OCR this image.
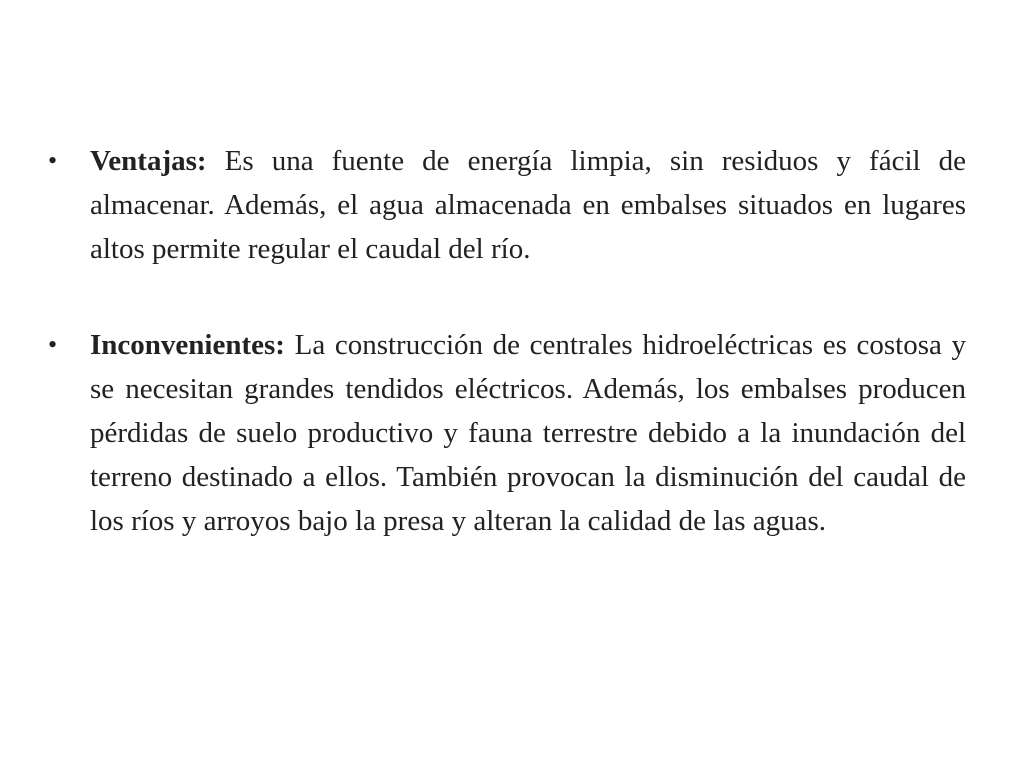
•	Ventajas: Es una fuente de energía limpia, sin residuos y fácil de almacenar. Además, el agua almacenada en embalses situados en lugares altos permite regular el caudal del río.
•	Inconvenientes: La construcción de centrales hidroeléctricas es costosa y se necesitan grandes tendidos eléctricos. Además, los embalses producen pérdidas de suelo productivo y fauna terrestre debido a la inundación del terreno destinado a ellos. También provocan la disminución del caudal de los ríos y arroyos bajo la presa y alteran la calidad de las aguas.
